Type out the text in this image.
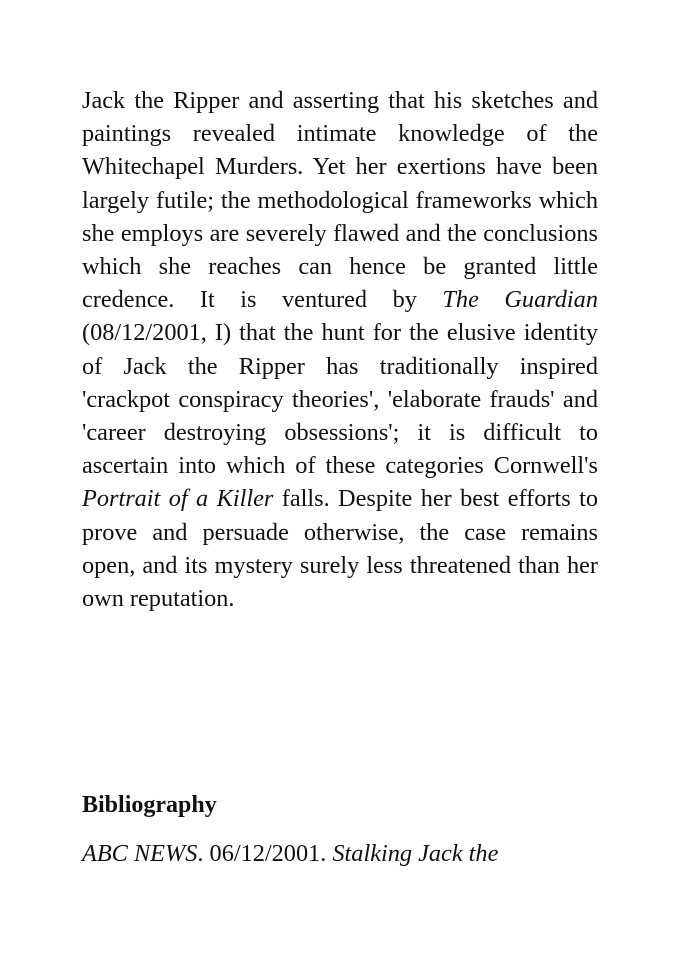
Jack the Ripper and asserting that his sketches and paintings revealed intimate knowledge of the Whitechapel Murders. Yet her exertions have been largely futile; the methodological frameworks which she employs are severely flawed and the conclusions which she reaches can hence be granted little credence. It is ventured by The Guardian (08/12/2001, I) that the hunt for the elusive identity of Jack the Ripper has traditionally inspired 'crackpot conspiracy theories', 'elaborate frauds' and 'career destroying obsessions'; it is difficult to ascertain into which of these categories Cornwell's Portrait of a Killer falls. Despite her best efforts to prove and persuade otherwise, the case remains open, and its mystery surely less threatened than her own reputation.

Bibliography

ABC NEWS. 06/12/2001. Stalking Jack the
